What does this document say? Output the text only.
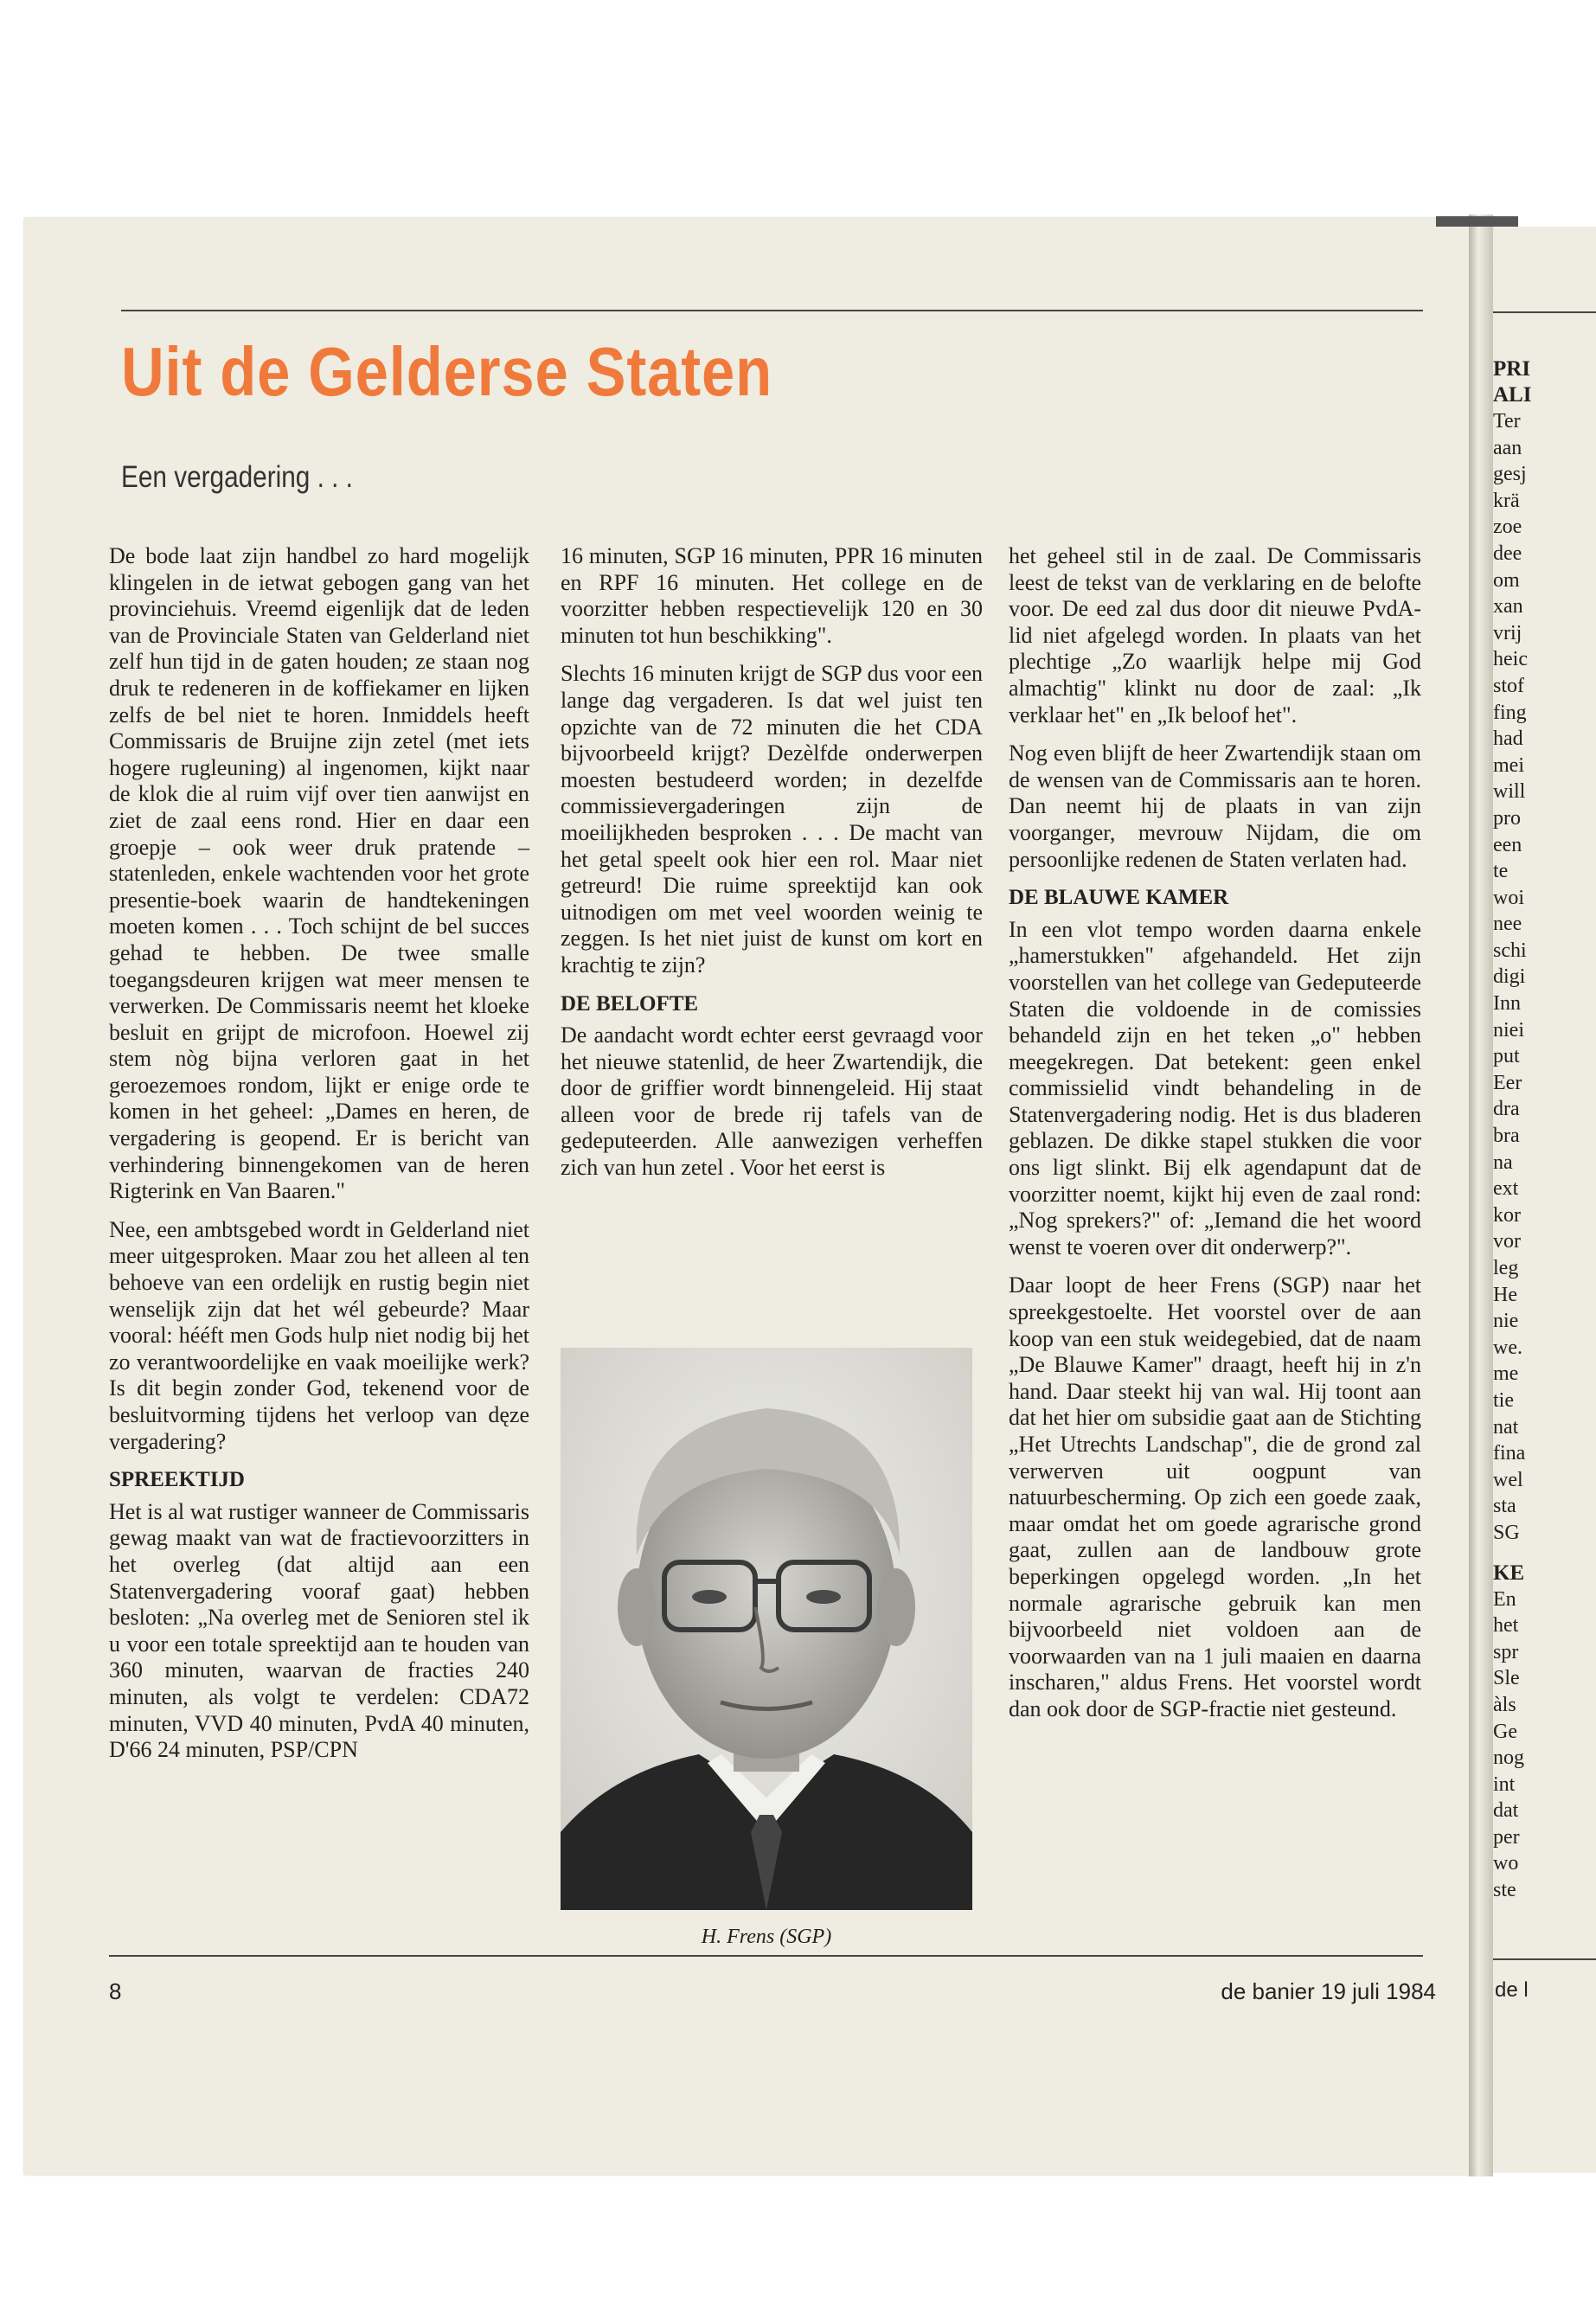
Uit de Gelderse Staten

Een vergadering . . .

De bode laat zijn handbel zo hard mogelijk klingelen in de ietwat gebogen gang van het provinciehuis. Vreemd eigenlijk dat de leden van de Provinciale Staten van Gelderland niet zelf hun tijd in de gaten houden; ze staan nog druk te redeneren in de koffiekamer en lijken zelfs de bel niet te horen. Inmiddels heeft Commissaris de Bruijne zijn zetel (met iets hogere rugleuning) al ingenomen, kijkt naar de klok die al ruim vijf over tien aanwijst en ziet de zaal eens rond. Hier en daar een groepje – ook weer druk pratende – statenleden, enkele wachtenden voor het grote presentie-boek waarin de handtekeningen moeten komen . . . Toch schijnt de bel succes gehad te hebben. De twee smalle toegangsdeuren krijgen wat meer mensen te verwerken. De Commissaris neemt het kloeke besluit en grijpt de microfoon. Hoewel zij stem nòg bijna verloren gaat in het geroezemoes rondom, lijkt er enige orde te komen in het geheel: „Dames en heren, de vergadering is geopend. Er is bericht van verhindering binnengekomen van de heren Rigterink en Van Baaren."

Nee, een ambtsgebed wordt in Gelderland niet meer uitgesproken. Maar zou het alleen al ten behoeve van een ordelijk en rustig begin niet wenselijk zijn dat het wél gebeurde? Maar vooral: hééft men Gods hulp niet nodig bij het zo verantwoordelijke en vaak moeilijke werk? Is dit begin zonder God, tekenend voor de besluitvorming tijdens het verloop van dęze vergadering?

SPREEKTIJD

Het is al wat rustiger wanneer de Commissaris gewag maakt van wat de fractievoorzitters in het overleg (dat altijd aan een Statenvergadering vooraf gaat) hebben besloten: „Na overleg met de Senioren stel ik u voor een totale spreektijd aan te houden van 360 minuten, waarvan de fracties 240 minuten, als volgt te verdelen: CDA72 minuten, VVD 40 minuten, PvdA 40 minuten, D'66 24 minuten, PSP/CPN

16 minuten, SGP 16 minuten, PPR 16 minuten en RPF 16 minuten. Het college en de voorzitter hebben respectievelijk 120 en 30 minuten tot hun beschikking".

Slechts 16 minuten krijgt de SGP dus voor een lange dag vergaderen. Is dat wel juist ten opzichte van de 72 minuten die het CDA bijvoorbeeld krijgt? Dezèlfde onderwerpen moesten bestudeerd worden; in dezelfde commissievergaderingen zijn de moeilijkheden besproken . . . De macht van het getal speelt ook hier een rol. Maar niet getreurd! Die ruime spreektijd kan ook uitnodigen om met veel woorden weinig te zeggen. Is het niet juist de kunst om kort en krachtig te zijn?

DE BELOFTE

De aandacht wordt echter eerst gevraagd voor het nieuwe statenlid, de heer Zwartendijk, die door de griffier wordt binnengeleid. Hij staat alleen voor de brede rij tafels van de gedeputeerden. Alle aanwezigen verheffen zich van hun zetel . Voor het eerst is

H. Frens (SGP)

het geheel stil in de zaal. De Commissaris leest de tekst van de verklaring en de belofte voor. De eed zal dus door dit nieuwe PvdA-lid niet afgelegd worden. In plaats van het plechtige „Zo waarlijk helpe mij God almachtig" klinkt nu door de zaal: „Ik verklaar het" en „Ik beloof het".

Nog even blijft de heer Zwartendijk staan om de wensen van de Commissaris aan te horen. Dan neemt hij de plaats in van zijn voorganger, mevrouw Nijdam, die om persoonlijke redenen de Staten verlaten had.

DE BLAUWE KAMER

In een vlot tempo worden daarna enkele „hamerstukken" afgehandeld. Het zijn voorstellen van het college van Gedeputeerde Staten die voldoende in de comissies behandeld zijn en het teken „o" hebben meegekregen. Dat betekent: geen enkel commissielid vindt behandeling in de Statenvergadering nodig. Het is dus bladeren geblazen. De dikke stapel stukken die voor ons ligt slinkt. Bij elk agendapunt dat de voorzitter noemt, kijkt hij even de zaal rond: „Nog sprekers?" of: „Iemand die het woord wenst te voeren over dit onderwerp?".

Daar loopt de heer Frens (SGP) naar het spreekgestoelte. Het voorstel over de aan koop van een stuk weidegebied, dat de naam „De Blauwe Kamer" draagt, heeft hij in z'n hand. Daar steekt hij van wal. Hij toont aan dat het hier om subsidie gaat aan de Stichting „Het Utrechts Landschap", die de grond zal verwerven uit oogpunt van natuurbescherming. Op zich een goede zaak, maar omdat het om goede agrarische grond gaat, zullen aan de landbouw grote beperkingen opgelegd worden. „In het normale agrarische gebruik kan men bijvoorbeeld niet voldoen aan de voorwaarden van na 1 juli maaien en daarna inscharen," aldus Frens. Het voorstel wordt dan ook door de SGP-fractie niet gesteund.

8	de banier 19 juli 1984

PRI

ALI

Ter

aan

gesj

krä

zoe

dee

om

xan

vrij

heic

stof

fing

had

mei

will

pro

een

te

woi

nee

schi

digi

Inn

niei

put

Eer

dra

bra

na

ext

kor

vor

leg

He

nie

we.

me

tie

nat

fina

wel

sta

SG

KE

En

het

spr

Sle

àls

Ge

nog

int

dat

per

wo

ste

de l
